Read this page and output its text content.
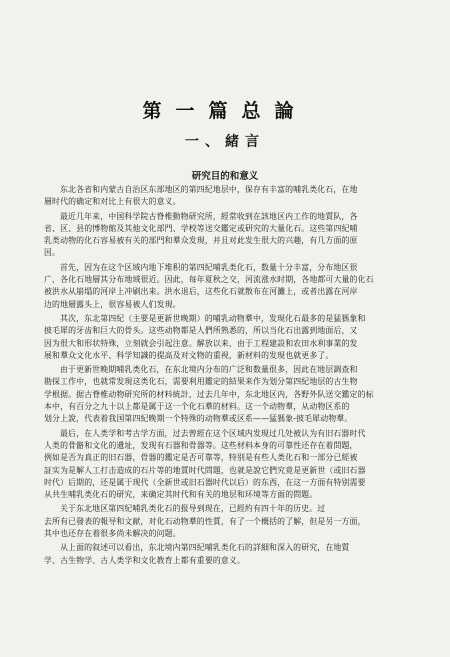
第一篇总論
一、緒言
研究目的和意义
东北各省和内蒙古自治区东部地区的第四紀地层中，保存有丰富的哺乳类化石，在地
層时代的确定和对比上有很大的意义。
最近几年来，中国科学院古脊椎動物研究所，經常收到在該地区内工作的地質队，各
省、区、县的博物館及其他文化部門、学校等送交鑑定或研究的大量化石。这些第四紀哺
乳类动物的化石容易被有关的部門和羣众发現，并且对此发生很大的兴趣，有几方面的原
因。
首先，因为在这个区域内地下堆积的第四紀哺乳类化石，数量十分丰富，分布地区很
广，各化石地層其分布地域很近。因此，每年夏秋之交，河流涨水时期，各地都可大量的化石
被洪水从崩塌的河岸上冲刷出来。洪水退后，这些化石就散布在河灘上，或者出露在河岸
边的地層露头上，很容易被人们发現。
其次，东北第四紀（主要是更新世晚期）的哺乳动物羣中，发現化石最多的是猛獁象和
披毛犀的牙齿和巨大的骨头。这些动物都是人們所熟悉的，所以当化石出露到地面后，又
因为很大和形状特殊，立刻就会引起注意。解放以来，由于工程建設和农田水利事業的发
展和羣众文化水平、科学知識的提高及对文物的重视，新材料的发現也就更多了。
由于更新世晚期哺乳类化石，在东北境内分布的广泛和数量很多，因此在地层調查和
勘探工作中，也就常发現这类化石，需要利用鑑定的結果来作为划分第四紀地层的古生物
学根据。据古脊椎动物研究所的材料統計，过去几年中，东北地区内，各野外队送交鑑定的标
本中，有百分之九十以上都是属于这一个化石羣的材料。这一个动物羣，从动物区系的
划分上說，代表着我国第四紀晚期一个特殊的动物羣或区系——猛獁象-披毛犀动物羣。
最后，在人类学和考古学方面，过去曾經在这个区域内发現过几处被认为有旧石器时代
人类的骨骼和文化的遺址，发现有石器和骨器等。这些材料本身的可靠性还存在着問題，
例如是否为真正的旧石器，骨器的鑑定是否可靠等，特别是有些人类化石和一部分已經被
証实为是解人工打击造成的石片等的地質时代問題，也就是說它們究竟是更新世（或旧石器
时代）后期的，还是属于现代（全新世或旧石器时代以后）的东西，在这一方面有特别需要
从共生哺乳类化石的研究，来确定其时代和有关的地层和环境等方面的問題。
关于东北地区第四紀哺乳类化石的报导到现在，已經約有四十年的历史。过
去所有已發表的報导和文献，对化石动物羣的性質，有了一个概括的了解，但是另一方面，
其中也还存在着很多尚未解决的问题。
从上面的叙述可以看出，东北境内第四紀哺乳类化石的詳細和深入的研究，在地質
学、古生物学、古人类学和文化教育上都有重要的意义。
